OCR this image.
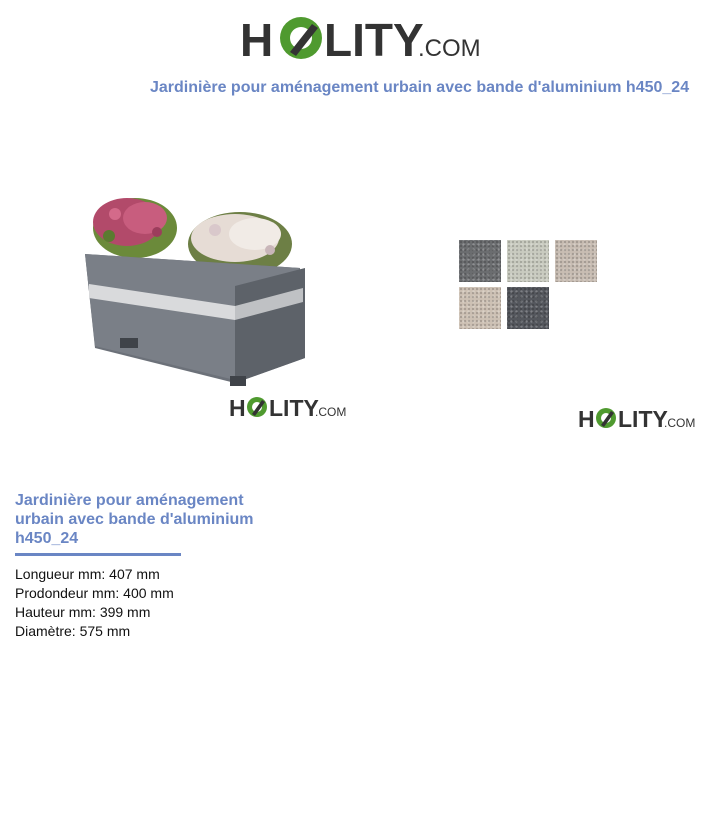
H LITY
.COM
Jardinière pour aménagement urbain avec bande d'aluminium h450_24
H LITY
.COM	H LITY
.COM
Jardinière pour aménagement urbain avec bande d'aluminium h450_24
Longueur mm: 407 mm
Prodondeur mm: 400 mm
Hauteur mm: 399 mm
Diamètre: 575 mm
